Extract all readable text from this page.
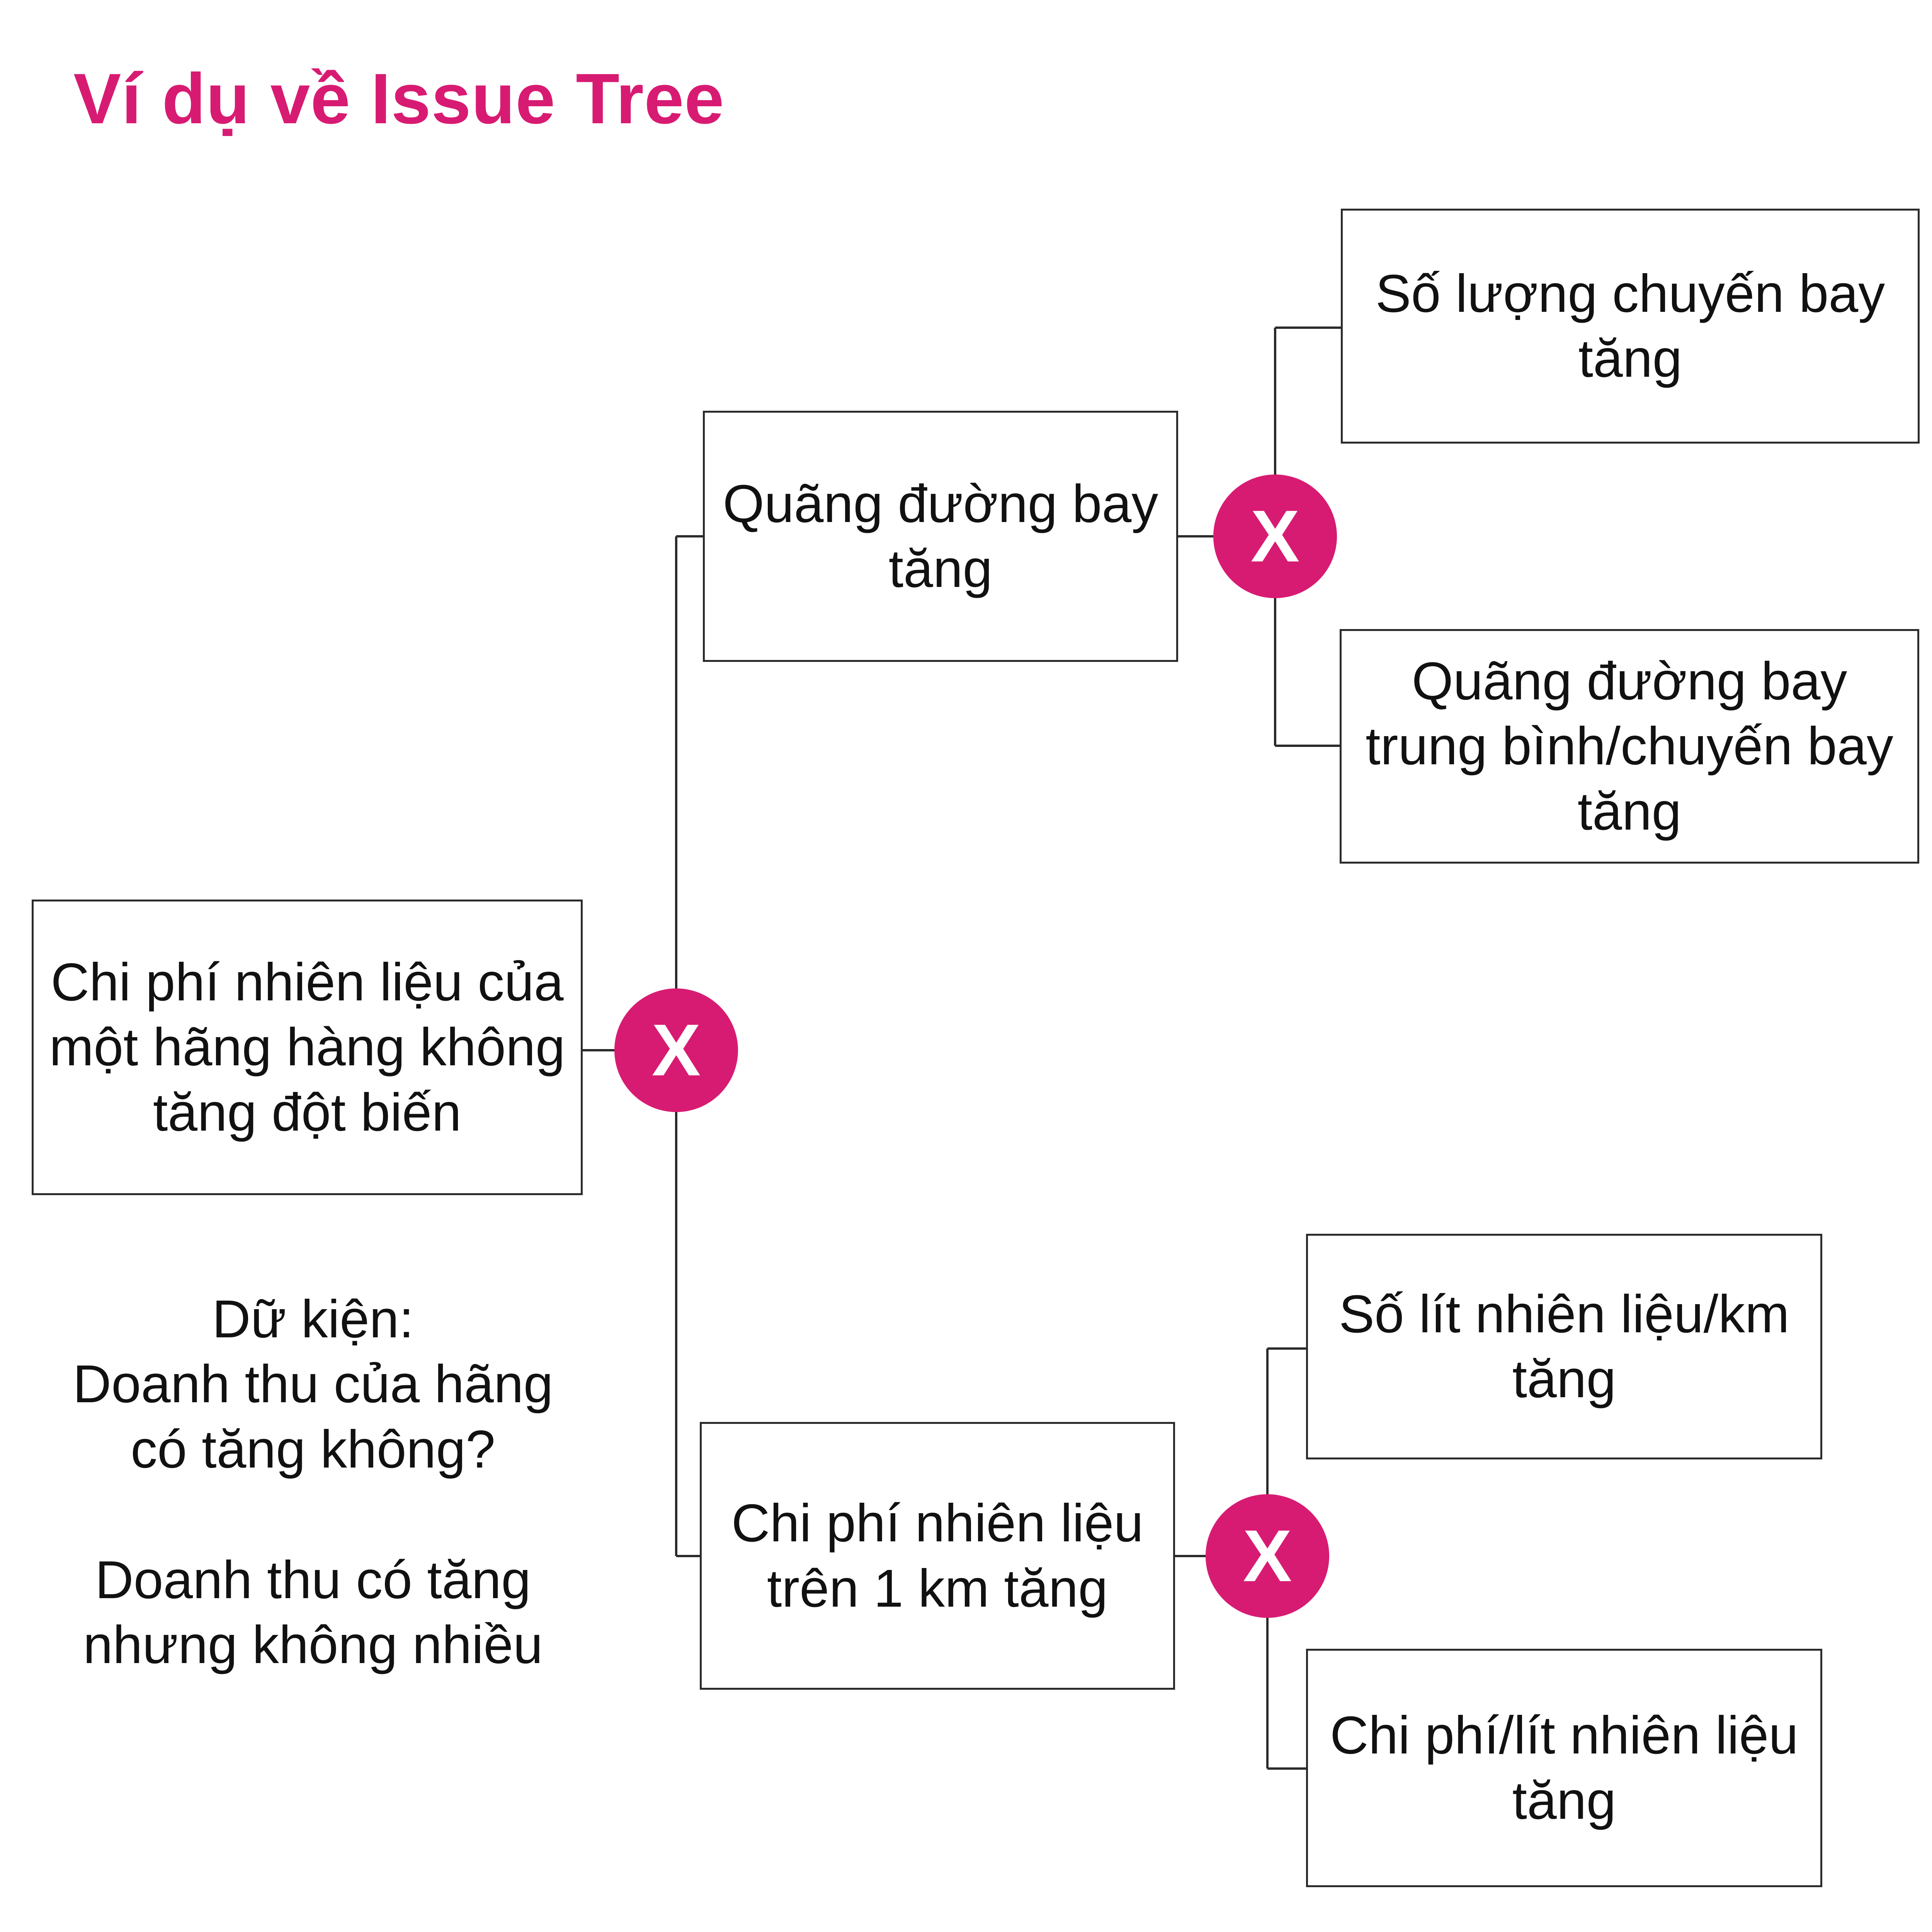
Ví dụ về Issue Tree
Chi phí nhiên liệu của một hãng hàng không tăng đột biến
X
Quãng đường bay tăng	X
Số lượng chuyến bay tăng
Quãng đường bay trung bình/chuyến bay tăng
Chi phí nhiên liệu trên 1 km tăng	X
Số lít nhiên liệu/km tăng
Chi phí/lít nhiên liệu tăng
Dữ kiện:
Doanh thu của hãng có tăng không?
Doanh thu có tăng nhưng không nhiều
